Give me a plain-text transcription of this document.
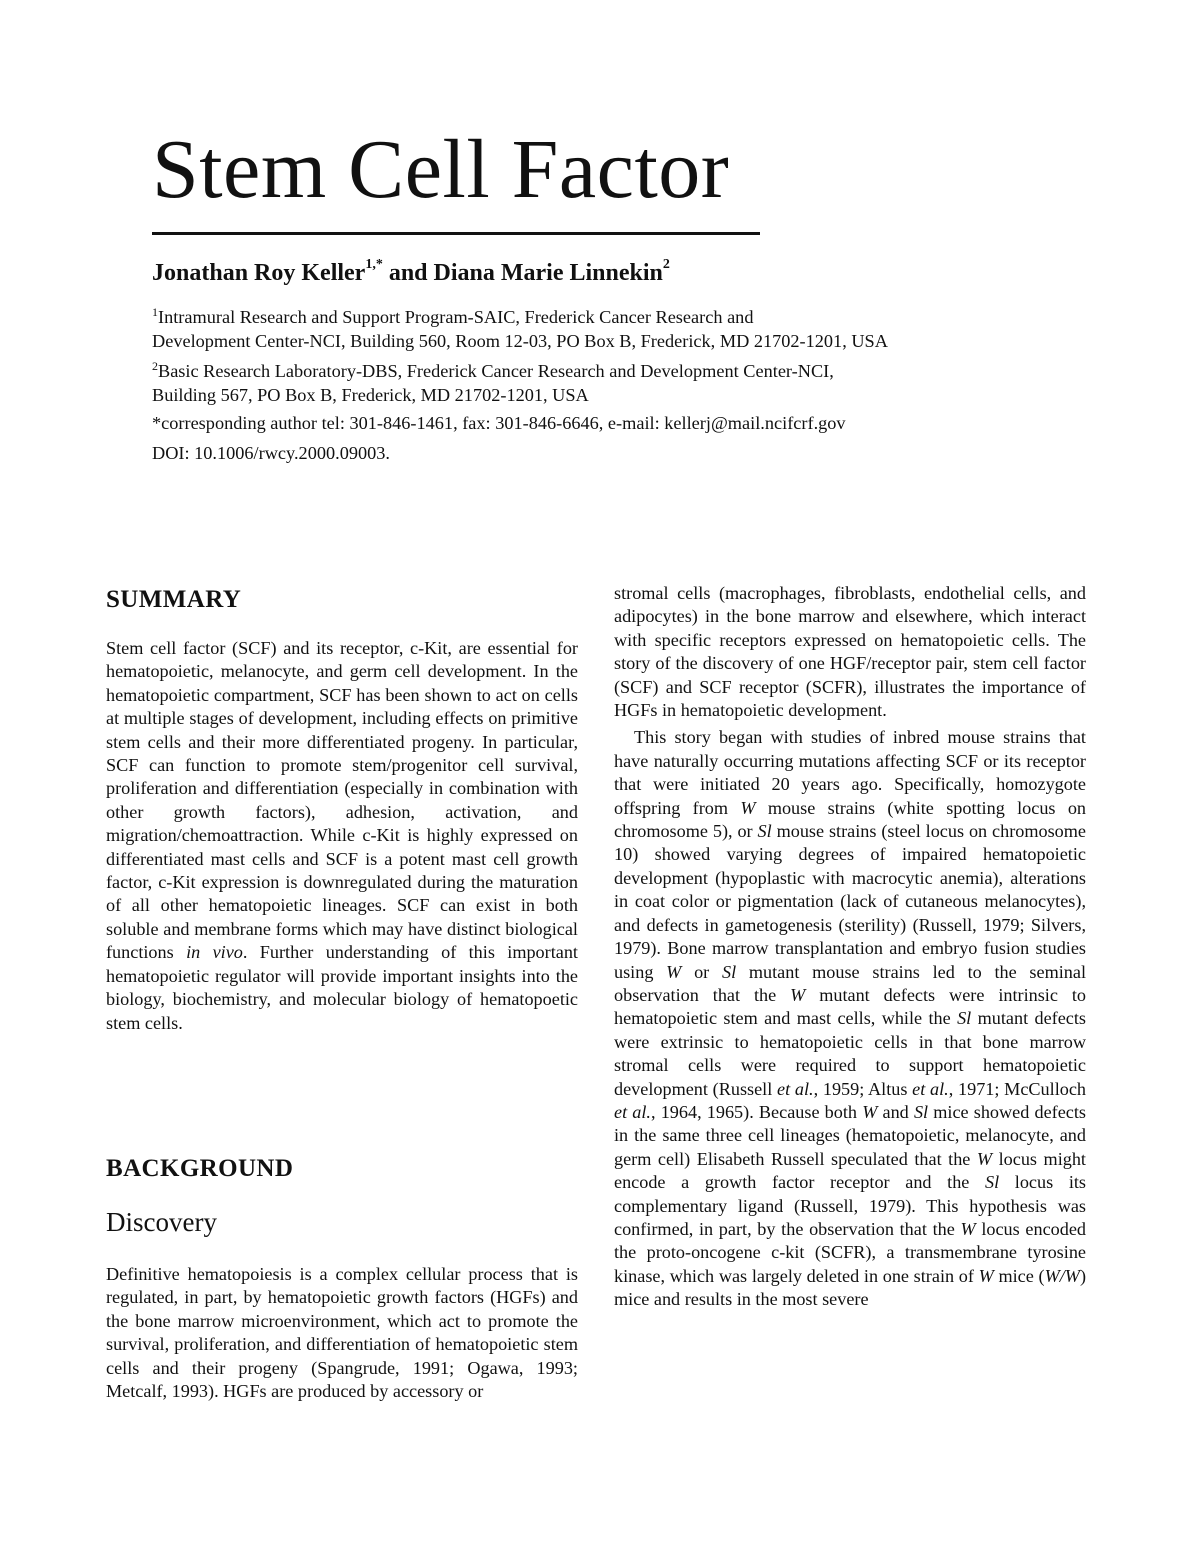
Stem Cell Factor
Jonathan Roy Keller$^{1,*}$ and Diana Marie Linnekin$^2$
$^1$Intramural Research and Support Program-SAIC, Frederick Cancer Research and
Development Center-NCI, Building 560, Room 12-03, PO Box B, Frederick, MD 21702-1201, USA
$^2$Basic Research Laboratory-DBS, Frederick Cancer Research and Development Center-NCI,
Building 567, PO Box B, Frederick, MD 21702-1201, USA
*corresponding author tel: 301-846-1461, fax: 301-846-6646, e-mail: kellerj@mail.ncifcrf.gov
DOI: 10.1006/rwcy.2000.09003.
SUMMARY

Stem cell factor (SCF) and its receptor, c-Kit, are essential for hematopoietic, melanocyte, and germ cell development. In the hematopoietic compartment, SCF has been shown to act on cells at multiple stages of development, including effects on primitive stem cells and their more differentiated progeny. In particular, SCF can function to promote stem/progenitor cell survival, proliferation and differentiation (especially in combination with other growth factors), adhesion, activation, and migration/chemoattraction. While c-Kit is highly expressed on differentiated mast cells and SCF is a potent mast cell growth factor, c-Kit expression is downregulated during the maturation of all other hematopoietic lineages. SCF can exist in both soluble and membrane forms which may have distinct biological functions in vivo. Further understanding of this important hematopoietic regulator will provide important insights into the biology, biochemistry, and molecular biology of hematopoetic stem cells.

BACKGROUND
Discovery

Definitive hematopoiesis is a complex cellular process that is regulated, in part, by hematopoietic growth factors (HGFs) and the bone marrow microenvironment, which act to promote the survival, proliferation, and differentiation of hematopoietic stem cells and their progeny (Spangrude, 1991; Ogawa, 1993; Metcalf, 1993). HGFs are produced by accessory or

stromal cells (macrophages, fibroblasts, endothelial cells, and adipocytes) in the bone marrow and elsewhere, which interact with specific receptors expressed on hematopoietic cells. The story of the discovery of one HGF/receptor pair, stem cell factor (SCF) and SCF receptor (SCFR), illustrates the importance of HGFs in hematopoietic development.

This story began with studies of inbred mouse strains that have naturally occurring mutations affecting SCF or its receptor that were initiated 20 years ago. Specifically, homozygote offspring from W mouse strains (white spotting locus on chromosome 5), or Sl mouse strains (steel locus on chromosome 10) showed varying degrees of impaired hematopoietic development (hypoplastic with macrocytic anemia), alterations in coat color or pigmentation (lack of cutaneous melanocytes), and defects in gametogenesis (sterility) (Russell, 1979; Silvers, 1979). Bone marrow transplantation and embryo fusion studies using W or Sl mutant mouse strains led to the seminal observation that the W mutant defects were intrinsic to hematopoietic stem and mast cells, while the Sl mutant defects were extrinsic to hematopoietic cells in that bone marrow stromal cells were required to support hematopoietic development (Russell et al., 1959; Altus et al., 1971; McCulloch et al., 1964, 1965). Because both W and Sl mice showed defects in the same three cell lineages (hematopoietic, melanocyte, and germ cell) Elisabeth Russell speculated that the W locus might encode a growth factor receptor and the Sl locus its complementary ligand (Russell, 1979). This hypothesis was confirmed, in part, by the observation that the W locus encoded the proto-oncogene c-kit (SCFR), a transmembrane tyrosine kinase, which was largely deleted in one strain of W mice (W/W) mice and results in the most severe
